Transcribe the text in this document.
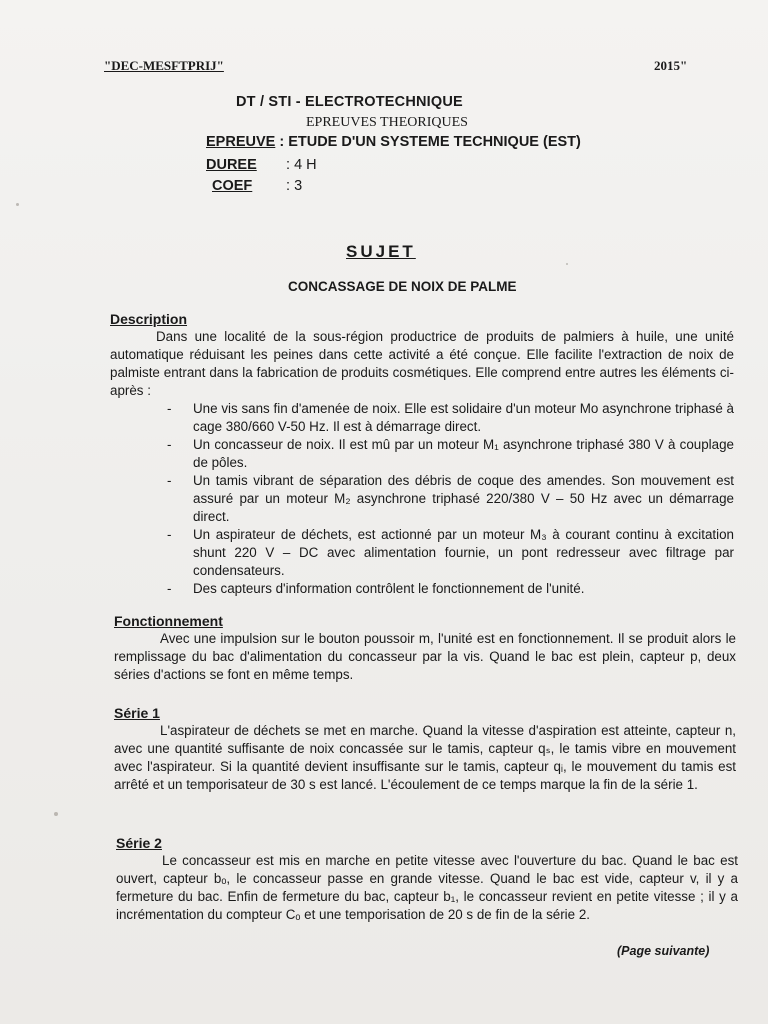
"DEC-MESFTPRIJ"	2015"
DT / STI - ELECTROTECHNIQUE
EPREUVES THEORIQUES
EPREUVE : ETUDE D'UN SYSTEME TECHNIQUE (EST)
DUREE : 4 H
COEF : 3
SUJET
CONCASSAGE DE NOIX DE PALME
Description

Dans une localité de la sous-région productrice de produits de palmiers à huile, une unité automatique réduisant les peines dans cette activité a été conçue. Elle facilite l'extraction de noix de palmiste entrant dans la fabrication de produits cosmétiques. Elle comprend entre autres les éléments ci-après :

- Une vis sans fin d'amenée de noix. Elle est solidaire d'un moteur Mo asynchrone triphasé à cage 380/660 V-50 Hz. Il est à démarrage direct.
- Un concasseur de noix. Il est mû par un moteur M₁ asynchrone triphasé 380 V à couplage de pôles.
- Un tamis vibrant de séparation des débris de coque des amendes. Son mouvement est assuré par un moteur M₂ asynchrone triphasé 220/380 V – 50 Hz avec un démarrage direct.
- Un aspirateur de déchets, est actionné par un moteur M₃ à courant continu à excitation shunt 220 V – DC avec alimentation fournie, un pont redresseur avec filtrage par condensateurs.
- Des capteurs d'information contrôlent le fonctionnement de l'unité.
Fonctionnement

Avec une impulsion sur le bouton poussoir m, l'unité est en fonctionnement. Il se produit alors le remplissage du bac d'alimentation du concasseur par la vis. Quand le bac est plein, capteur p, deux séries d'actions se font en même temps.

Série 1

L'aspirateur de déchets se met en marche. Quand la vitesse d'aspiration est atteinte, capteur n, avec une quantité suffisante de noix concassée sur le tamis, capteur qₛ, le tamis vibre en mouvement avec l'aspirateur. Si la quantité devient insuffisante sur le tamis, capteur qᵢ, le mouvement du tamis est arrêté et un temporisateur de 30 s est lancé. L'écoulement de ce temps marque la fin de la série 1.

Série 2

Le concasseur est mis en marche en petite vitesse avec l'ouverture du bac. Quand le bac est ouvert, capteur bₒ, le concasseur passe en grande vitesse. Quand le bac est vide, capteur v, il y a fermeture du bac. Enfin de fermeture du bac, capteur b₁, le concasseur revient en petite vitesse ; il y a incrémentation du compteur Cₒ et une temporisation de 20 s de fin de la série 2.

(Page suivante)
